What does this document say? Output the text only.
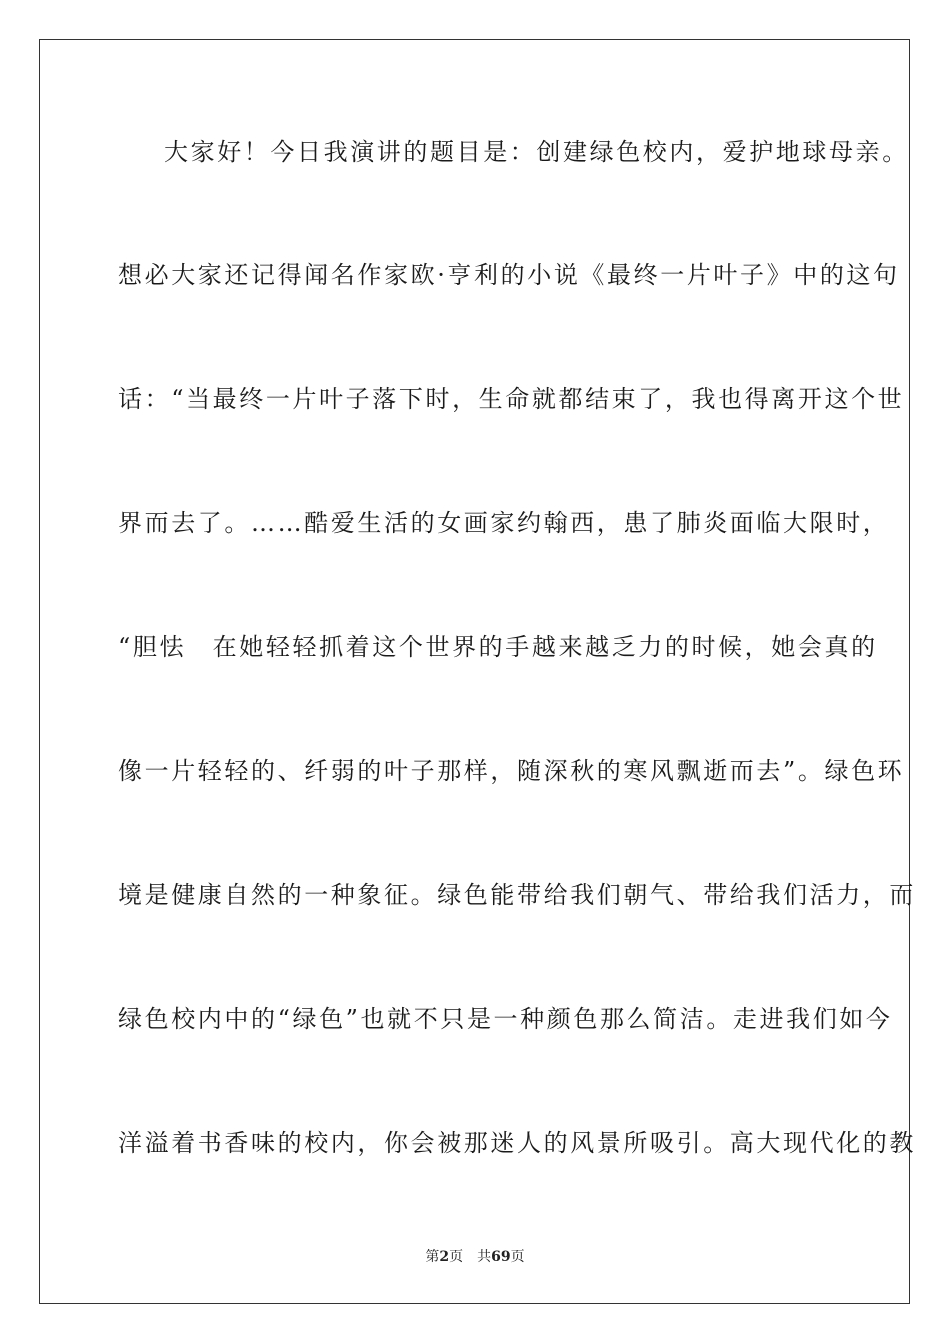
大家好！今日我演讲的题目是：创建绿色校内，爱护地球母亲。
想必大家还记得闻名作家欧·亨利的小说《最终一片叶子》中的这句
话：“当最终一片叶子落下时，生命就都结束了，我也得离开这个世
界而去了。……酷爱生活的女画家约翰西，患了肺炎面临大限时，
“胆怯　在她轻轻抓着这个世界的手越来越乏力的时候，她会真的
像一片轻轻的、纤弱的叶子那样，随深秋的寒风飘逝而去”。绿色环
境是健康自然的一种象征。绿色能带给我们朝气、带给我们活力，而
绿色校内中的“绿色”也就不只是一种颜色那么简洁。走进我们如今
洋溢着书香味的校内，你会被那迷人的风景所吸引。高大现代化的教
第2页 共69页
